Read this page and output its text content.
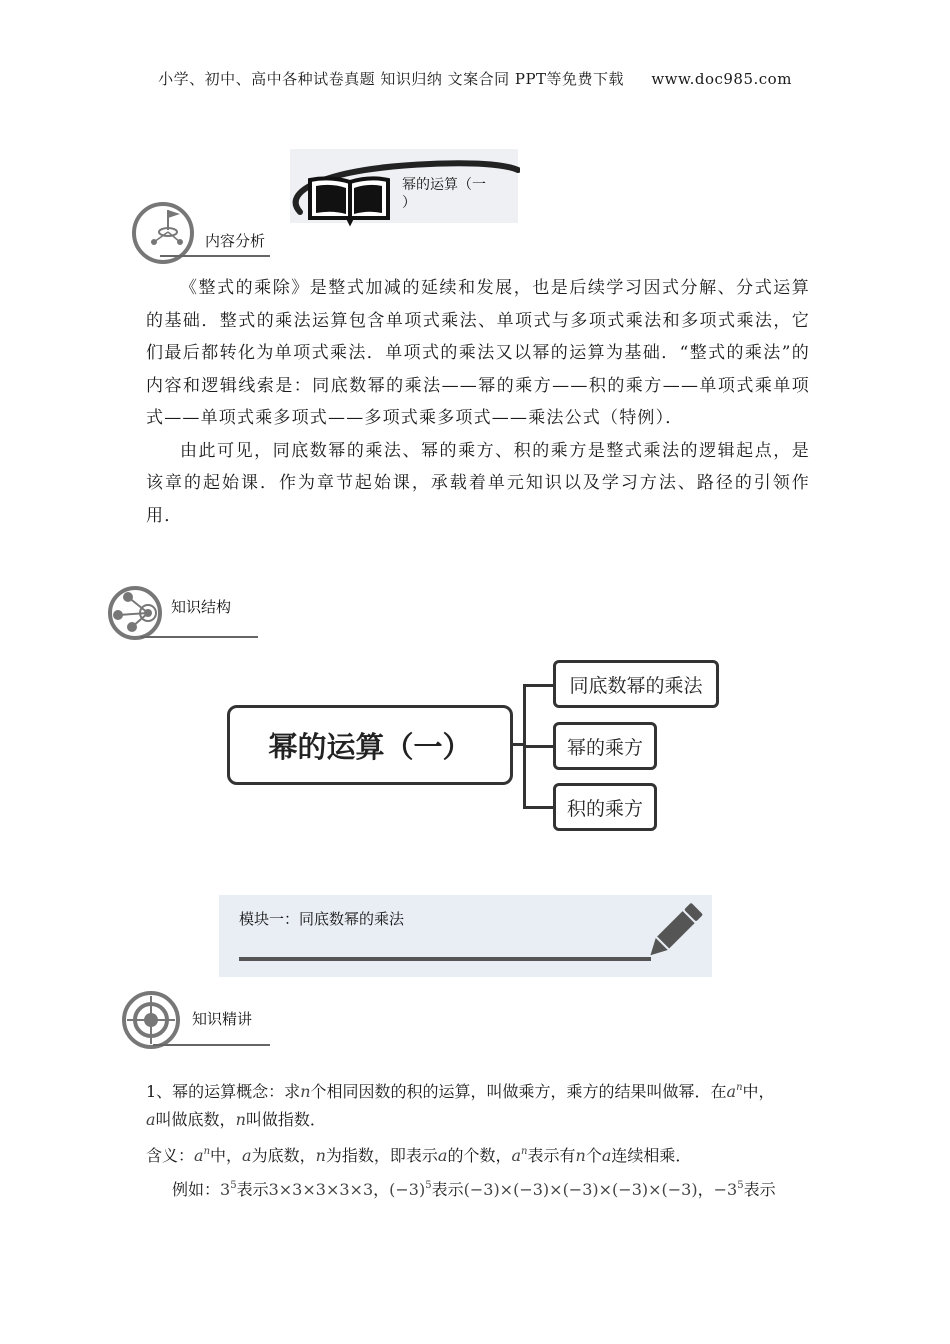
小学、初中、高中各种试卷真题 知识归纳 文案合同 PPT等免费下载 www.doc985.com
幂的运算（一
）
内容分析

《整式的乘除》是整式加减的延续和发展，也是后续学习因式分解、分式运算的基础．整式的乘法运算包含单项式乘法、单项式与多项式乘法和多项式乘法，它们最后都转化为单项式乘法．单项式的乘法又以幂的运算为基础．“整式的乘法”的内容和逻辑线索是：同底数幂的乘法——幂的乘方——积的乘方——单项式乘单项式——单项式乘多项式——多项式乘多项式——乘法公式（特例）．

由此可见，同底数幂的乘法、幂的乘方、积的乘方是整式乘法的逻辑起点，是该章的起始课．作为章节起始课，承载着单元知识以及学习方法、路径的引领作用．

知识结构
幂的运算（一）
同底数幂的乘法
幂的乘方
积的乘方
模块一：同底数幂的乘法
知识精讲
1、幂的运算概念：求n个相同因数的积的运算，叫做乘方，乘方的结果叫做幂．在$a^n$中，
a叫做底数，n叫做指数．
含义：$a^n$中，a为底数，n为指数，即表示a的个数，$a^n$表示有n个a连续相乘．
例如：$3^5$表示3×3×3×3×3，$(-3)^5$表示(−3)×(−3)×(−3)×(−3)×(−3)，$-3^5$表示
